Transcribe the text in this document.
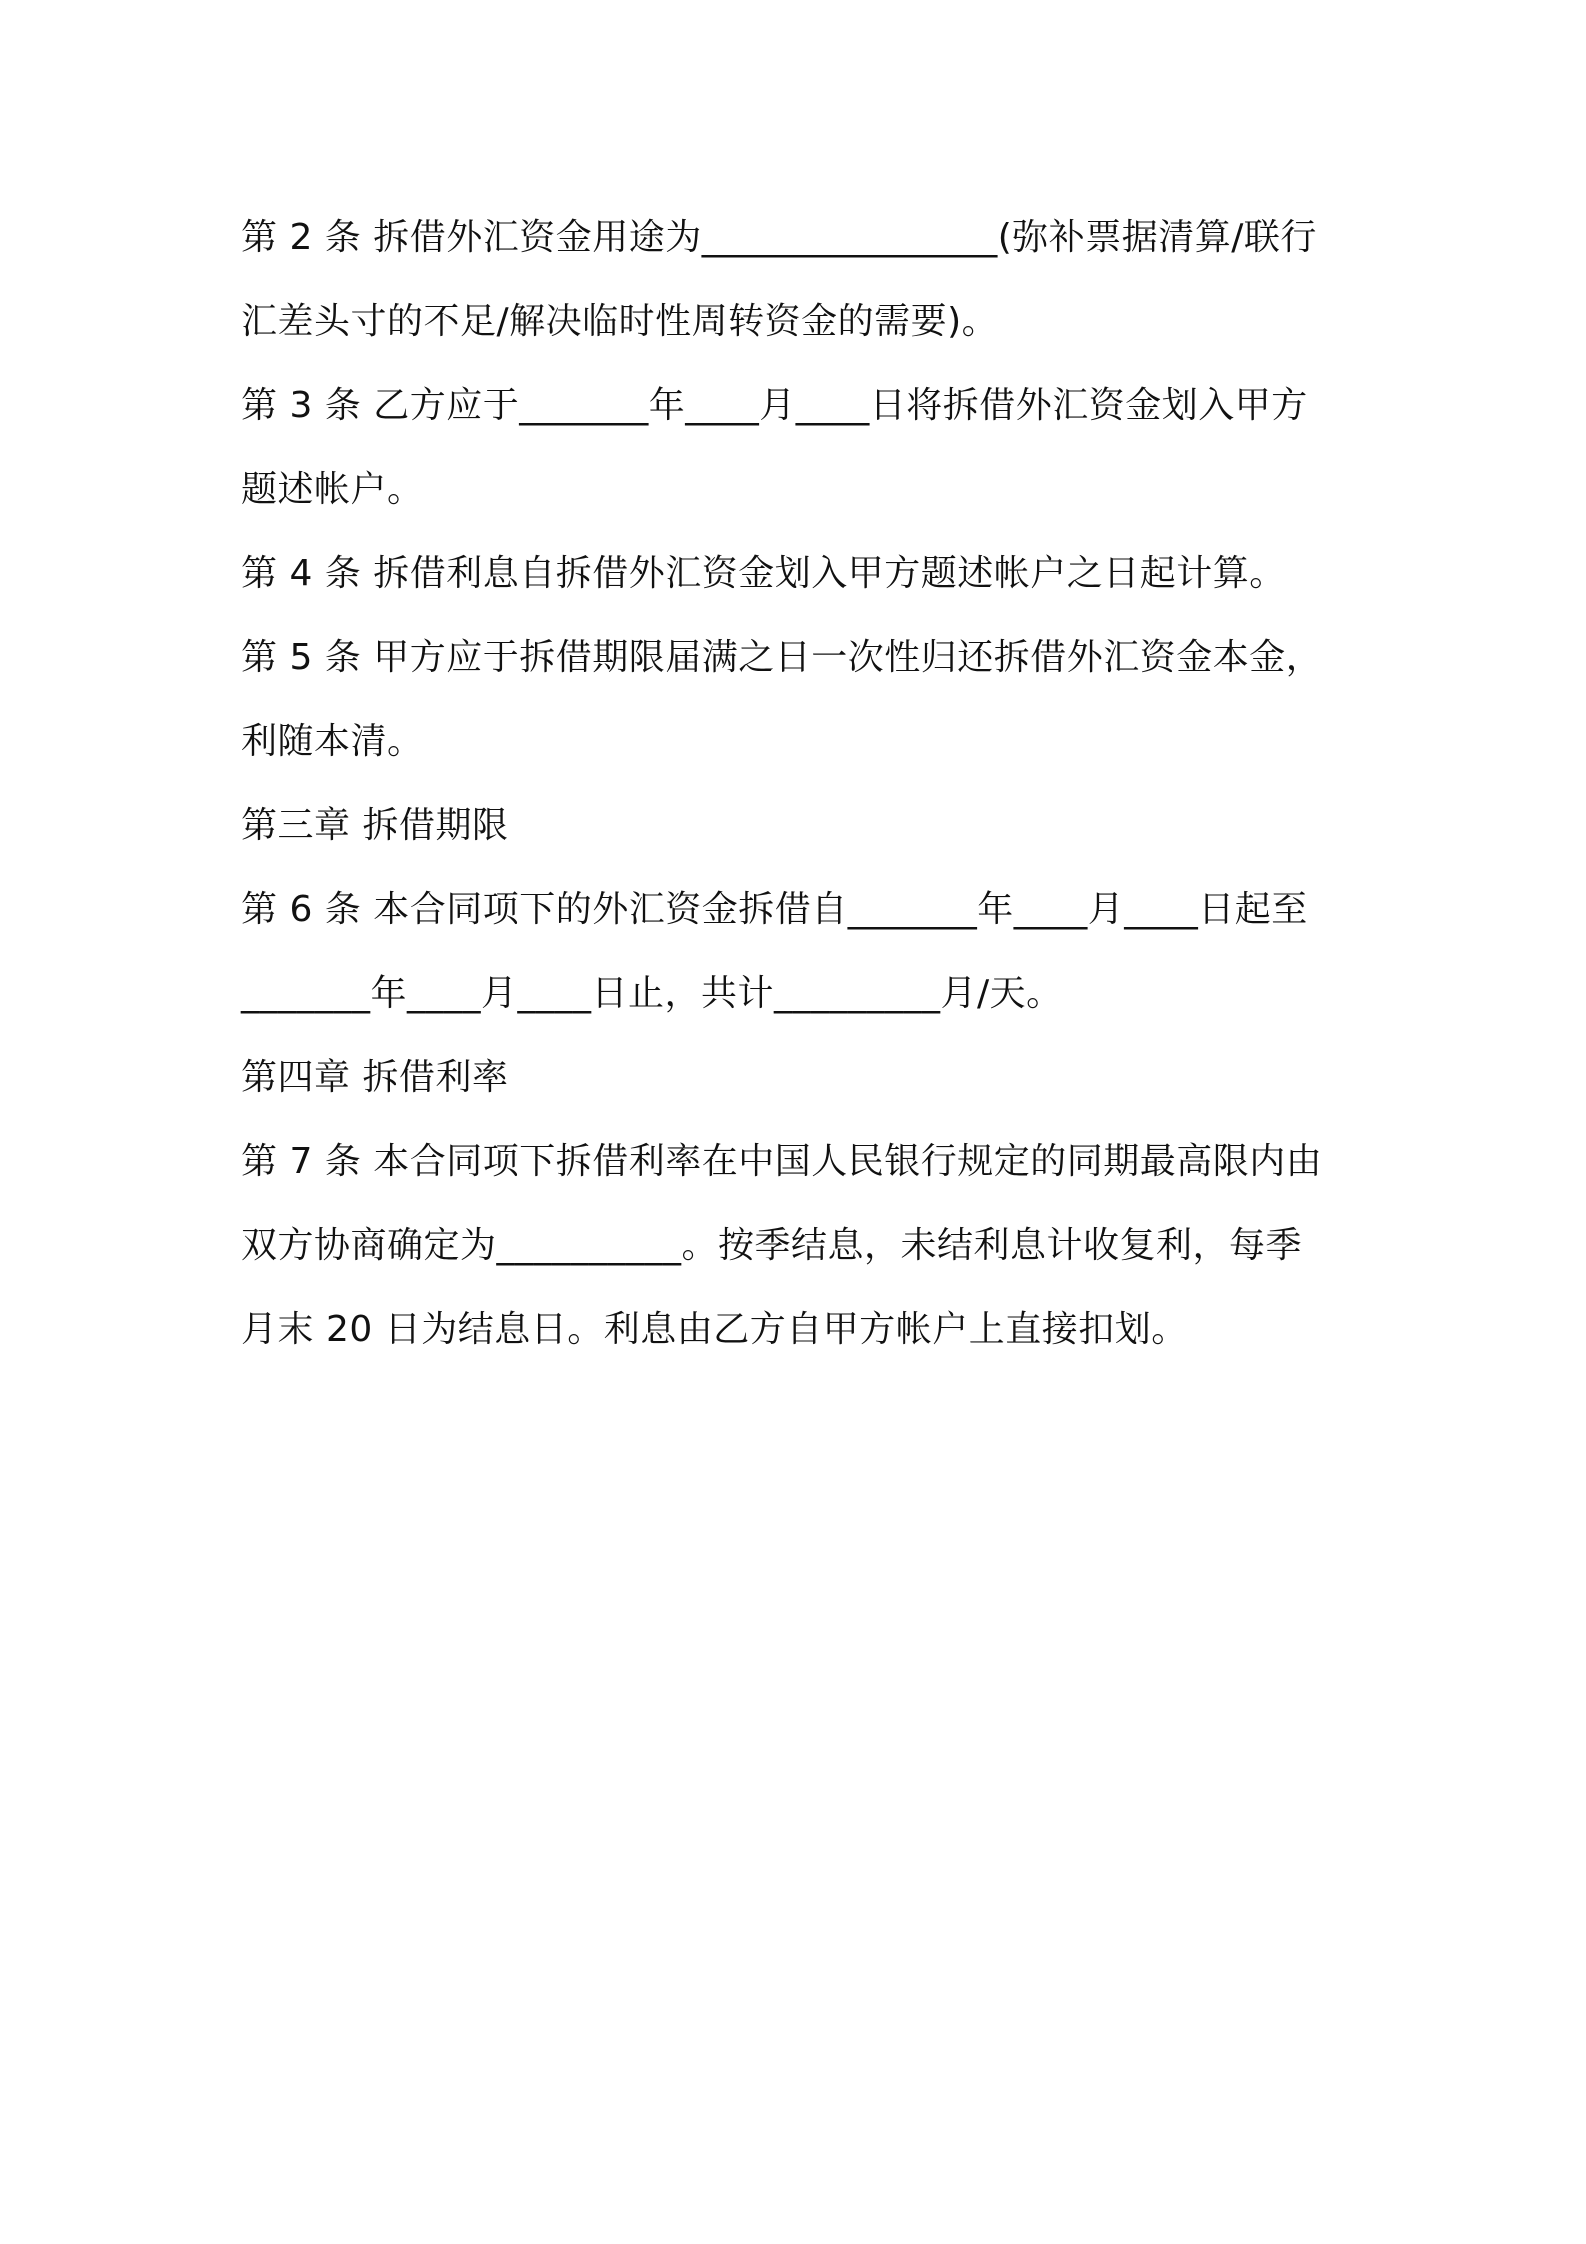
第 2 条 拆借外汇资金用途为________________(弥补票据清算/联行
汇差头寸的不足/解决临时性周转资金的需要)。
第 3 条 乙方应于_______年____月____日将拆借外汇资金划入甲方
题述帐户。
第 4 条 拆借利息自拆借外汇资金划入甲方题述帐户之日起计算。
第 5 条 甲方应于拆借期限届满之日一次性归还拆借外汇资金本金，
利随本清。
第三章 拆借期限
第 6 条 本合同项下的外汇资金拆借自_______年____月____日起至
_______年____月____日止，共计_________月/天。
第四章 拆借利率
第 7 条 本合同项下拆借利率在中国人民银行规定的同期最高限内由
双方协商确定为__________。按季结息，未结利息计收复利，每季
月末 20 日为结息日。利息由乙方自甲方帐户上直接扣划。
